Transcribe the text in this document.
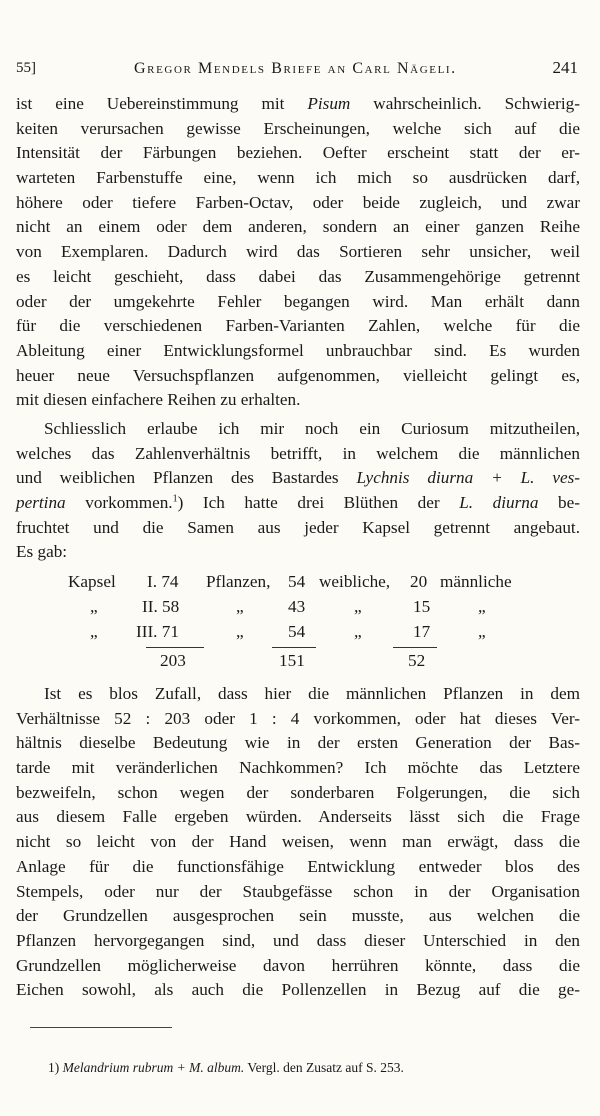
55]	Gregor Mendels Briefe an Carl Nägeli.	241
ist eine Uebereinstimmung mit Pisum wahrscheinlich. Schwierig-
keiten verursachen gewisse Erscheinungen, welche sich auf die
Intensität der Färbungen beziehen. Oefter erscheint statt der er-
warteten Farbenstuffe eine, wenn ich mich so ausdrücken darf,
höhere oder tiefere Farben-Octav, oder beide zugleich, und zwar
nicht an einem oder dem anderen, sondern an einer ganzen Reihe
von Exemplaren. Dadurch wird das Sortieren sehr unsicher, weil
es leicht geschieht, dass dabei das Zusammengehörige getrennt
oder der umgekehrte Fehler begangen wird. Man erhält dann
für die verschiedenen Farben-Varianten Zahlen, welche für die
Ableitung einer Entwicklungsformel unbrauchbar sind. Es wurden
heuer neue Versuchspflanzen aufgenommen, vielleicht gelingt es,
mit diesen einfachere Reihen zu erhalten.
Schliesslich erlaube ich mir noch ein Curiosum mitzutheilen,
welches das Zahlenverhältnis betrifft, in welchem die männlichen
und weiblichen Pflanzen des Bastardes Lychnis diurna + L. ves-
pertina vorkommen.$^1$) Ich hatte drei Blüthen der L. diurna be-
fruchtet und die Samen aus jeder Kapsel getrennt angebaut.
Es gab:
Kapsel I. 74 Pflanzen, 54 weibliche, 20 männliche
„	II. 58	„	43	„	15	„
„ III. 71	„	54	„	17	„
203	151	52
Ist es blos Zufall, dass hier die männlichen Pflanzen in dem
Verhältnisse 52 : 203 oder 1 : 4 vorkommen, oder hat dieses Ver-
hältnis dieselbe Bedeutung wie in der ersten Generation der Bas-
tarde mit veränderlichen Nachkommen? Ich möchte das Letztere
bezweifeln, schon wegen der sonderbaren Folgerungen, die sich
aus diesem Falle ergeben würden. Anderseits lässt sich die Frage
nicht so leicht von der Hand weisen, wenn man erwägt, dass die
Anlage für die functionsfähige Entwicklung entweder blos des
Stempels, oder nur der Staubgefässe schon in der Organisation
der Grundzellen ausgesprochen sein musste, aus welchen die
Pflanzen hervorgegangen sind, und dass dieser Unterschied in den
Grundzellen möglicherweise davon herrühren könnte, dass die
Eichen sowohl, als auch die Pollenzellen in Bezug auf die ge-
1) Melandrium rubrum + M. album. Vergl. den Zusatz auf S. 253.
